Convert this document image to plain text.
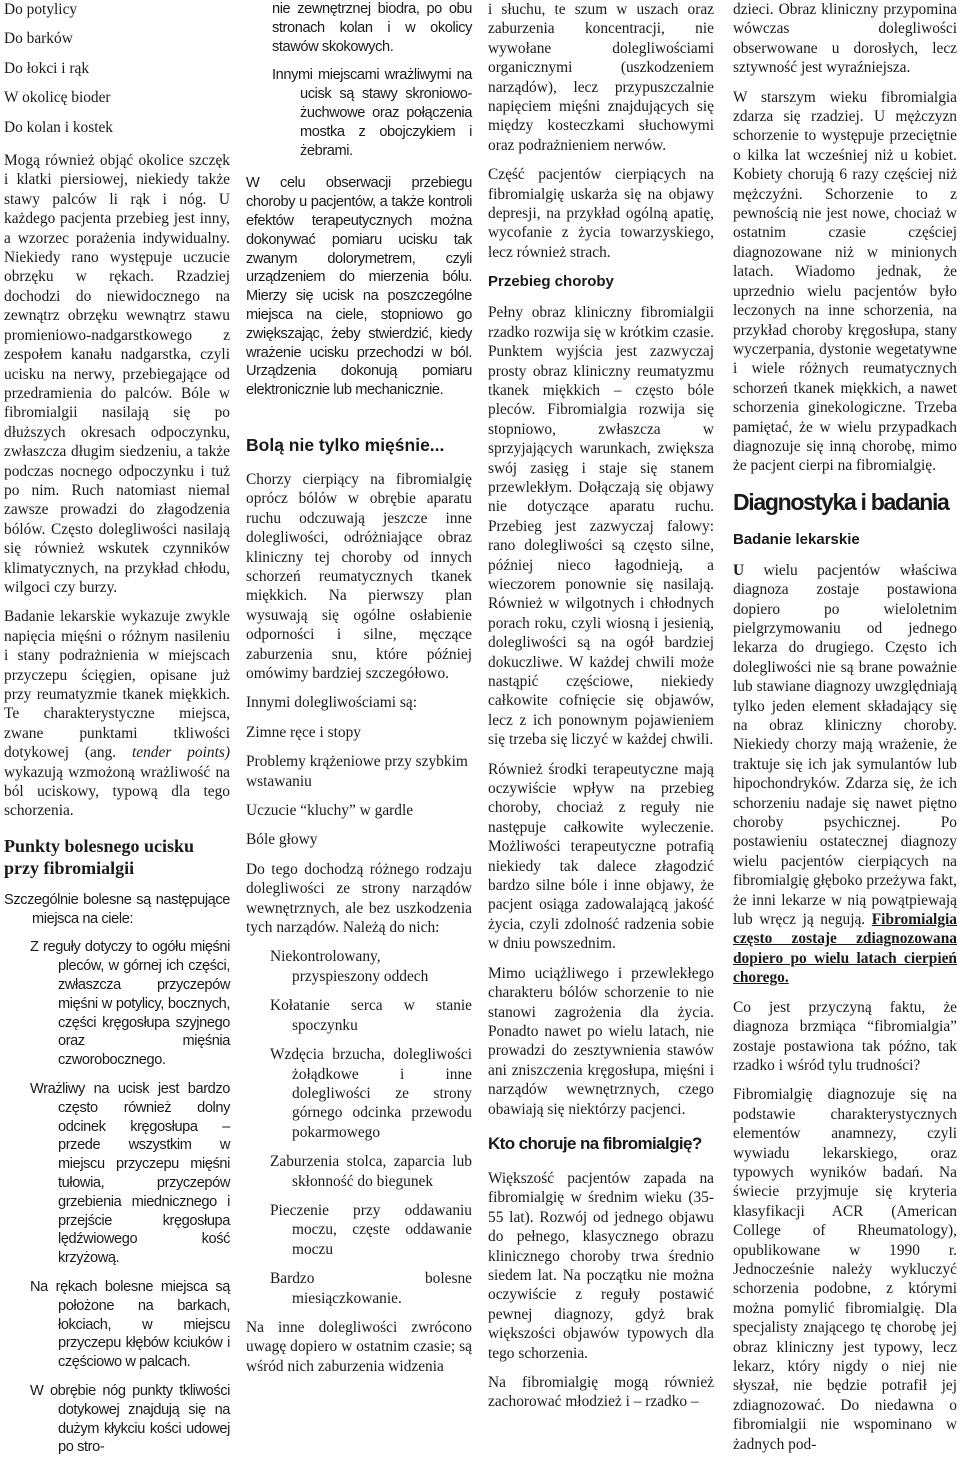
Do potylicy

Do barków

Do łokci i rąk

W okolicę bioder

Do kolan i kostek

Mogą również objąć okolice szczęk i klatki piersiowej, niekiedy także stawy palców li rąk i nóg. U każdego pacjenta przebieg jest inny, a wzorzec porażenia indywidualny. Niekiedy rano występuje uczucie obrzęku w rękach. Rzadziej dochodzi do niewidocznego na zewnątrz obrzęku wewnątrz stawu promieniowo-nadgarstkowego z zespołem kanału nadgarstka, czyli ucisku na nerwy, przebiegające od przedramienia do palców. Bóle w fibromialgii nasilają się po dłuższych okresach odpoczynku, zwłaszcza długim siedzeniu, a także podczas nocnego odpoczynku i tuż po nim. Ruch natomiast niemal zawsze prowadzi do złagodzenia bólów. Często dolegliwości nasilają się również wskutek czynników klimatycznych, na przykład chłodu, wilgoci czy burzy.

Badanie lekarskie wykazuje zwykle napięcia mięśni o różnym nasileniu i stany podrażnienia w miejscach przyczepu ścięgien, opisane już przy reumatyzmie tkanek miękkich. Te charakterystyczne miejsca, zwane punktami tkliwości dotykowej (ang. tender points) wykazują wzmożoną wrażliwość na ból uciskowy, typową dla tego schorzenia.

Punkty bolesnego ucisku przy fibromialgii

Szczególnie bolesne są następujące miejsca na ciele:

Z reguły dotyczy to ogółu mięśni pleców, w górnej ich części, zwłaszcza przyczepów mięśni w potylicy, bocznych, części kręgosłupa szyjnego oraz mięśnia czworobocznego.

Wrażliwy na ucisk jest bardzo często również dolny odcinek kręgosłupa – przede wszystkim w miejscu przyczepu mięśni tułowia, przyczepów grzebienia miednicznego i przejście kręgosłupa lędźwiowego kość krzyżową.

Na rękach bolesne miejsca są położone na barkach, łokciach, w miejscu przyczepu kłębów kciuków i częściowo w palcach.

W obrębie nóg punkty tkliwości dotykowej znajdują się na dużym kłykciu kości udowej po stro-

nie zewnętrznej biodra, po obu stronach kolan i w okolicy stawów skokowych.

Innymi miejscami wrażliwymi na ucisk są stawy skroniowo-żuchwowe oraz połączenia mostka z obojczykiem i żebrami.

W celu obserwacji przebiegu choroby u pacjentów, a także kontroli efektów terapeutycznych można dokonywać pomiaru ucisku tak zwanym dolorymetrem, czyli urządzeniem do mierzenia bólu. Mierzy się ucisk na poszczególne miejsca na ciele, stopniowo go zwiększając, żeby stwierdzić, kiedy wrażenie ucisku przechodzi w ból. Urządzenia dokonują pomiaru elektronicznie lub mechanicznie.

Bolą nie tylko mięśnie...

Chorzy cierpiący na fibromialgię oprócz bólów w obrębie aparatu ruchu odczuwają jeszcze inne dolegliwości, odróżniające obraz kliniczny tej choroby od innych schorzeń reumatycznych tkanek miękkich. Na pierwszy plan wysuwają się ogólne osłabienie odporności i silne, męczące zaburzenia snu, które później omówimy bardziej szczegółowo.

Innymi dolegliwościami są:

Zimne ręce i stopy

Problemy krążeniowe przy szybkim wstawaniu

Uczucie “kluchy” w gardle

Bóle głowy

Do tego dochodzą różnego rodzaju dolegliwości ze strony narządów wewnętrznych, ale bez uszkodzenia tych narządów. Należą do nich:

Niekontrolowany, przyspieszony oddech

Kołatanie serca w stanie spoczynku

Wzdęcia brzucha, dolegliwości żołądkowe i inne dolegliwości ze strony górnego odcinka przewodu pokarmowego

Zaburzenia stolca, zaparcia lub skłonność do biegunek

Pieczenie przy oddawaniu moczu, częste oddawanie moczu

Bardzo bolesne miesiączkowanie.

Na inne dolegliwości zwrócono uwagę dopiero w ostatnim czasie; są wśród nich zaburzenia widzenia

i słuchu, te szum w uszach oraz zaburzenia koncentracji, nie wywołane dolegliwościami organicznymi (uszkodzeniem narządów), lecz przypuszczalnie napięciem mięśni znajdujących się między kosteczkami słuchowymi oraz podrażnieniem nerwów.

Część pacjentów cierpiących na fibromialgię uskarża się na objawy depresji, na przykład ogólną apatię, wycofanie z życia towarzyskiego, lecz również strach.

Przebieg choroby

Pełny obraz kliniczny fibromialgii rzadko rozwija się w krótkim czasie. Punktem wyjścia jest zazwyczaj prosty obraz kliniczny reumatyzmu tkanek miękkich – często bóle pleców. Fibromialgia rozwija się stopniowo, zwłaszcza w sprzyjających warunkach, zwiększa swój zasięg i staje się stanem przewlekłym. Dołączają się objawy nie dotyczące aparatu ruchu. Przebieg jest zazwyczaj falowy: rano dolegliwości są często silne, później nieco łagodnieją, a wieczorem ponownie się nasilają. Również w wilgotnych i chłodnych porach roku, czyli wiosną i jesienią, dolegliwości są na ogół bardziej dokuczliwe. W każdej chwili może nastąpić częściowe, niekiedy całkowite cofnięcie się objawów, lecz z ich ponownym pojawieniem się trzeba się liczyć w każdej chwili.

Również środki terapeutyczne mają oczywiście wpływ na przebieg choroby, chociaż z reguły nie następuje całkowite wyleczenie. Możliwości terapeutyczne potrafią niekiedy tak dalece złagodzić bardzo silne bóle i inne objawy, że pacjent osiąga zadowalającą jakość życia, czyli zdolność radzenia sobie w dniu powszednim.

Mimo uciążliwego i przewlekłego charakteru bólów schorzenie to nie stanowi zagrożenia dla życia. Ponadto nawet po wielu latach, nie prowadzi do zesztywnienia stawów ani zniszczenia kręgosłupa, mięśni i narządów wewnętrznych, czego obawiają się niektórzy pacjenci.

Kto choruje na fibromialgię?

Większość pacjentów zapada na fibromialgię w średnim wieku (35-55 lat). Rozwój od jednego objawu do pełnego, klasycznego obrazu klinicznego choroby trwa średnio siedem lat. Na początku nie można oczywiście z reguły postawić pewnej diagnozy, gdyż brak większości objawów typowych dla tego schorzenia.

Na fibromialgię mogą również zachorować młodzież i – rzadko –

dzieci. Obraz kliniczny przypomina wówczas dolegliwości obserwowane u dorosłych, lecz sztywność jest wyraźniejsza.

W starszym wieku fibromialgia zdarza się rzadziej. U mężczyzn schorzenie to występuje przeciętnie o kilka lat wcześniej niż u kobiet. Kobiety chorują 6 razy częściej niż mężczyźni. Schorzenie to z pewnością nie jest nowe, chociaż w ostatnim czasie częściej diagnozowane niż w minionych latach. Wiadomo jednak, że uprzednio wielu pacjentów było leczonych na inne schorzenia, na przykład choroby kręgosłupa, stany wyczerpania, dystonie wegetatywne i wiele różnych reumatycznych schorzeń tkanek miękkich, a nawet schorzenia ginekologiczne. Trzeba pamiętać, że w wielu przypadkach diagnozuje się inną chorobę, mimo że pacjent cierpi na fibromialgię.

Diagnostyka i badania
Badanie lekarskie

U wielu pacjentów właściwa diagnoza zostaje postawiona dopiero po wieloletnim pielgrzymowaniu od jednego lekarza do drugiego. Często ich dolegliwości nie są brane poważnie lub stawiane diagnozy uwzględniają tylko jeden element składający się na obraz kliniczny choroby. Niekiedy chorzy mają wrażenie, że traktuje się ich jak symulantów lub hipochondryków. Zdarza się, że ich schorzeniu nadaje się nawet piętno choroby psychicznej. Po postawieniu ostatecznej diagnozy wielu pacjentów cierpiących na fibromialgię głęboko przeżywa fakt, że inni lekarze w nią powątpiewają lub wręcz ją negują. Fibromialgia często zostaje zdiagnozowana dopiero po wielu latach cierpień chorego.

Co jest przyczyną faktu, że diagnoza brzmiąca “fibromialgia” zostaje postawiona tak późno, tak rzadko i wśród tylu trudności?

Fibromialgię diagnozuje się na podstawie charakterystycznych elementów anamnezy, czyli wywiadu lekarskiego, oraz typowych wyników badań. Na świecie przyjmuje się kryteria klasyfikacji ACR (American College of Rheumatology), opublikowane w 1990 r. Jednocześnie należy wykluczyć schorzenia podobne, z którymi można pomylić fibromialgię. Dla specjalisty znającego tę chorobę jej obraz kliniczny jest typowy, lecz lekarz, który nigdy o niej nie słyszał, nie będzie potrafił jej zdiagnozować. Do niedawna o fibromialgii nie wspominano w żadnych pod-
